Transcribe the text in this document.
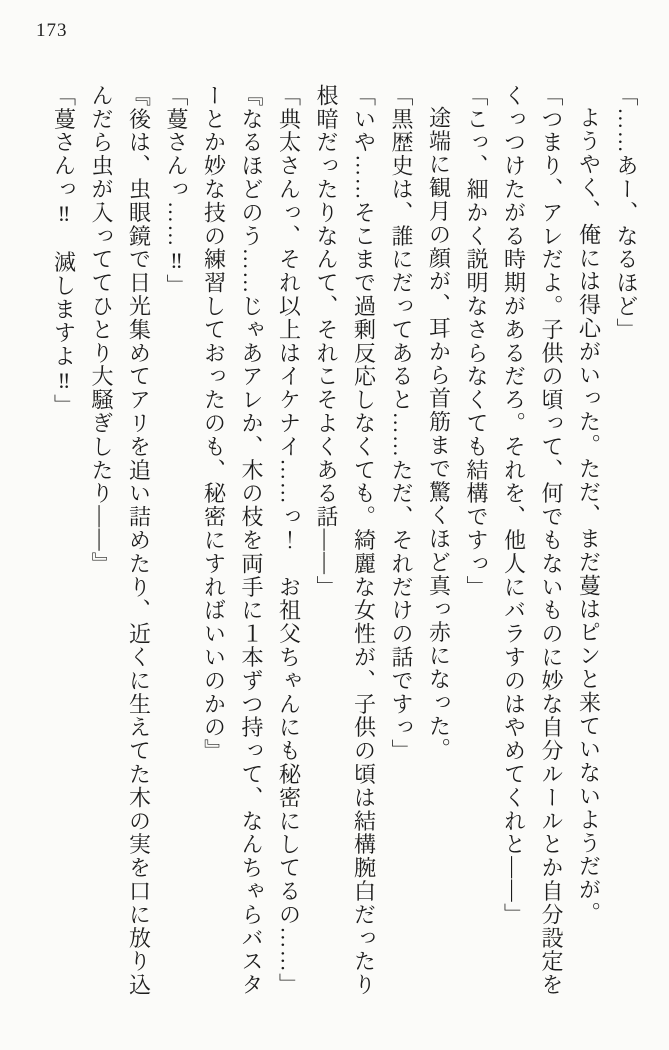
173

「……あー、なるほど」

ようやく、俺には得心がいった。ただ、まだ蔓はピンと来ていないようだが。

「つまり、アレだよ。子供の頃って、何でもないものに妙な自分ルールとか自分設定をくっつけたがる時期があるだろ。それを、他人にバラすのはやめてくれと――」

「こっ、細かく説明なさらなくても結構ですっ」

途端に観月の顔が、耳から首筋まで驚くほど真っ赤になった。

「黒歴史は、誰にだってあると……ただ、それだけの話ですっ」

「いや……そこまで過剰反応しなくても。綺麗な女性が、子供の頃は結構腕白だったり根暗だったりなんて、それこそよくある話――」

「典太さんっ、それ以上はイケナイ……っ！　お祖父ちゃんにも秘密にしてるの……」

『なるほどのう……じゃあアレか、木の枝を両手に１本ずつ持って、なんちゃらバスターとか妙な技の練習しておったのも、秘密にすればいいのかの』

「蔓さんっ……‼」

『後は、虫眼鏡で日光集めてアリを追い詰めたり、近くに生えてた木の実を口に放り込んだら虫が入っててひとり大騒ぎしたり――』

「蔓さんっ‼　滅しますよ‼」
